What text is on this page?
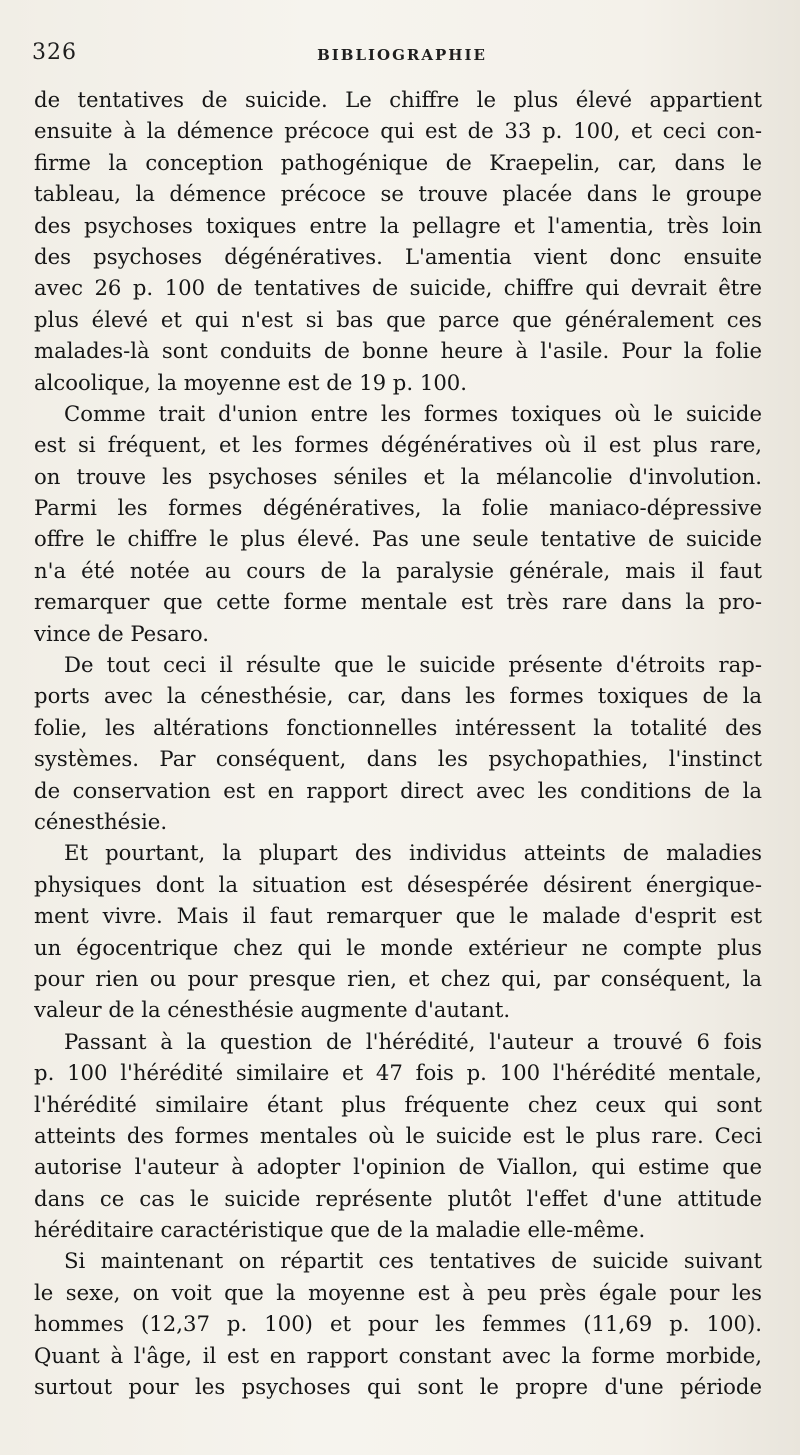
326	BIBLIOGRAPHIE
de tentatives de suicide. Le chiffre le plus élevé appartient
ensuite à la démence précoce qui est de 33 p. 100, et ceci con-
firme la conception pathogénique de Kraepelin, car, dans le
tableau, la démence précoce se trouve placée dans le groupe
des psychoses toxiques entre la pellagre et l'amentia, très loin
des psychoses dégénératives. L'amentia vient donc ensuite
avec 26 p. 100 de tentatives de suicide, chiffre qui devrait être
plus élevé et qui n'est si bas que parce que généralement ces
malades-là sont conduits de bonne heure à l'asile. Pour la folie
alcoolique, la moyenne est de 19 p. 100.
Comme trait d'union entre les formes toxiques où le suicide
est si fréquent, et les formes dégénératives où il est plus rare,
on trouve les psychoses séniles et la mélancolie d'involution.
Parmi les formes dégénératives, la folie maniaco-dépressive
offre le chiffre le plus élevé. Pas une seule tentative de suicide
n'a été notée au cours de la paralysie générale, mais il faut
remarquer que cette forme mentale est très rare dans la pro-
vince de Pesaro.
De tout ceci il résulte que le suicide présente d'étroits rap-
ports avec la cénesthésie, car, dans les formes toxiques de la
folie, les altérations fonctionnelles intéressent la totalité des
systèmes. Par conséquent, dans les psychopathies, l'instinct
de conservation est en rapport direct avec les conditions de la
cénesthésie.
Et pourtant, la plupart des individus atteints de maladies
physiques dont la situation est désespérée désirent énergique-
ment vivre. Mais il faut remarquer que le malade d'esprit est
un égocentrique chez qui le monde extérieur ne compte plus
pour rien ou pour presque rien, et chez qui, par conséquent, la
valeur de la cénesthésie augmente d'autant.
Passant à la question de l'hérédité, l'auteur a trouvé 6 fois
p. 100 l'hérédité similaire et 47 fois p. 100 l'hérédité mentale,
l'hérédité similaire étant plus fréquente chez ceux qui sont
atteints des formes mentales où le suicide est le plus rare. Ceci
autorise l'auteur à adopter l'opinion de Viallon, qui estime que
dans ce cas le suicide représente plutôt l'effet d'une attitude
héréditaire caractéristique que de la maladie elle-même.
Si maintenant on répartit ces tentatives de suicide suivant
le sexe, on voit que la moyenne est à peu près égale pour les
hommes (12,37 p. 100) et pour les femmes (11,69 p. 100).
Quant à l'âge, il est en rapport constant avec la forme morbide,
surtout pour les psychoses qui sont le propre d'une période
